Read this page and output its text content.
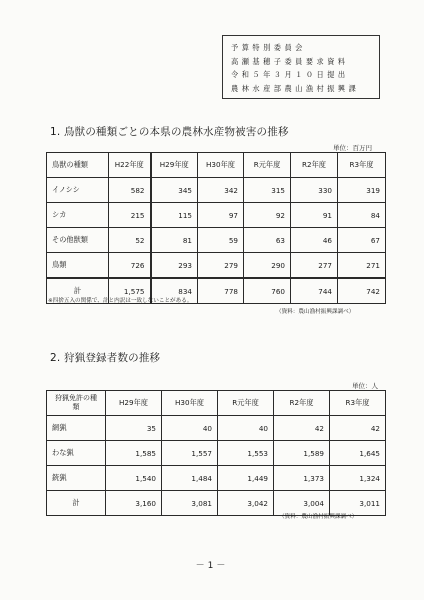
予算特別委員会
高瀬基穂子委員要求資料
令和５年３月１０日提出
農林水産部農山漁村振興課
1. 鳥獣の種類ごとの本県の農林水産物被害の推移
単位：百万円
鳥獣の種類	H22年度	H29年度	H30年度	R元年度	R2年度	R3年度
イノシシ	582	345	342	315	330	319
シカ	215	115	97	92	91	84
その他獣類	52	81	59	63	46	67
鳥類	726	293	279	290	277	271
計	1,575	834	778	760	744	742
※四捨五入の関係で、計と内訳は一致しないことがある。
（資料：農山漁村振興課調べ）
2. 狩猟登録者数の推移
単位：人
狩猟免許の種類	H29年度	H30年度	R元年度	R2年度	R3年度
網猟	35	40	40	42	42
わな猟	1,585	1,557	1,553	1,589	1,645
銃猟	1,540	1,484	1,449	1,373	1,324
計	3,160	3,081	3,042	3,004	3,011
（資料：農山漁村振興課調べ）
－1－
